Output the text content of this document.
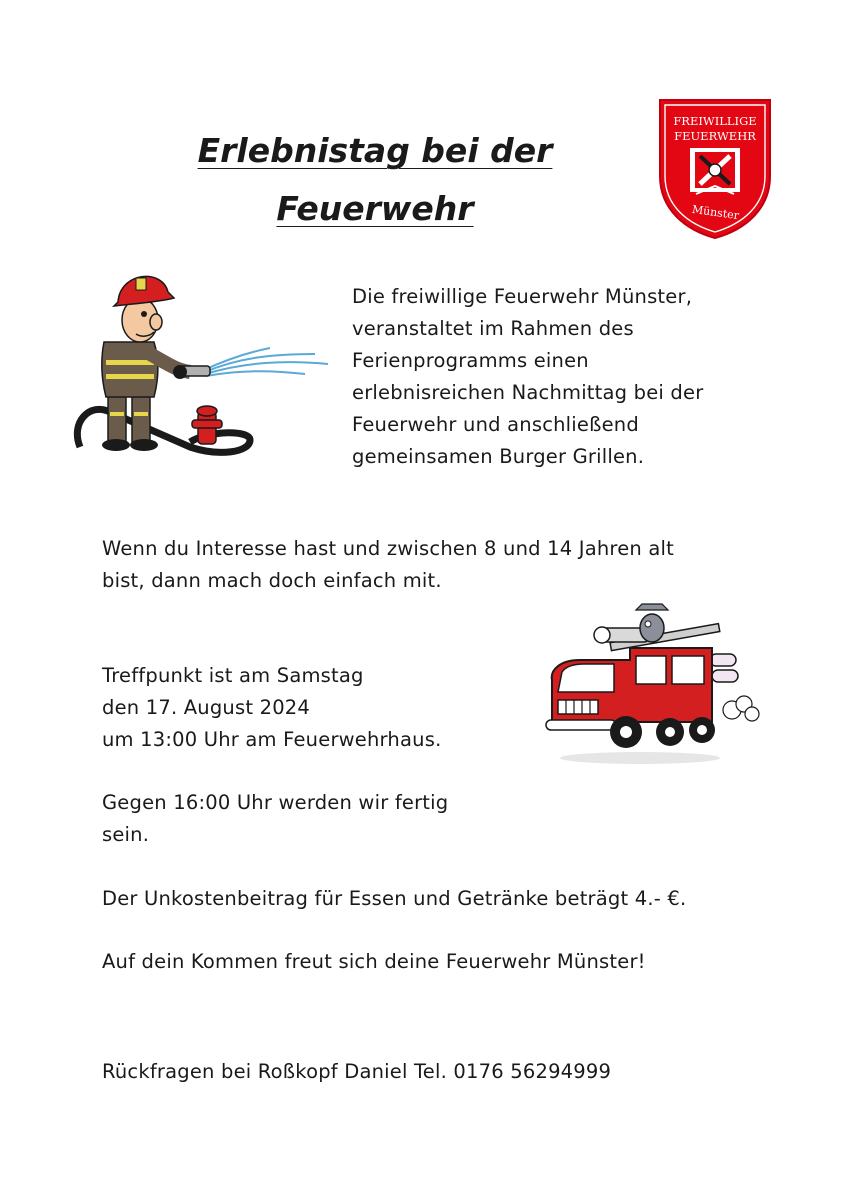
Erlebnistag bei der
Feuerwehr
FREIWILLIGE
FEUERWEHR
Münster
Die freiwillige Feuerwehr Münster,
veranstaltet im Rahmen des
Ferienprogramms einen
erlebnisreichen Nachmittag bei der
Feuerwehr und anschließend
gemeinsamen Burger Grillen.
Wenn du Interesse hast und zwischen 8 und 14 Jahren alt
bist, dann mach doch einfach mit.
Treffpunkt ist am Samstag
den 17. August 2024
um 13:00 Uhr am Feuerwehrhaus.
Gegen 16:00 Uhr werden wir fertig
sein.
Der Unkostenbeitrag für Essen und Getränke beträgt 4.- €.
Auf dein Kommen freut sich deine Feuerwehr Münster!
Rückfragen bei Roßkopf Daniel Tel. 0176 56294999
